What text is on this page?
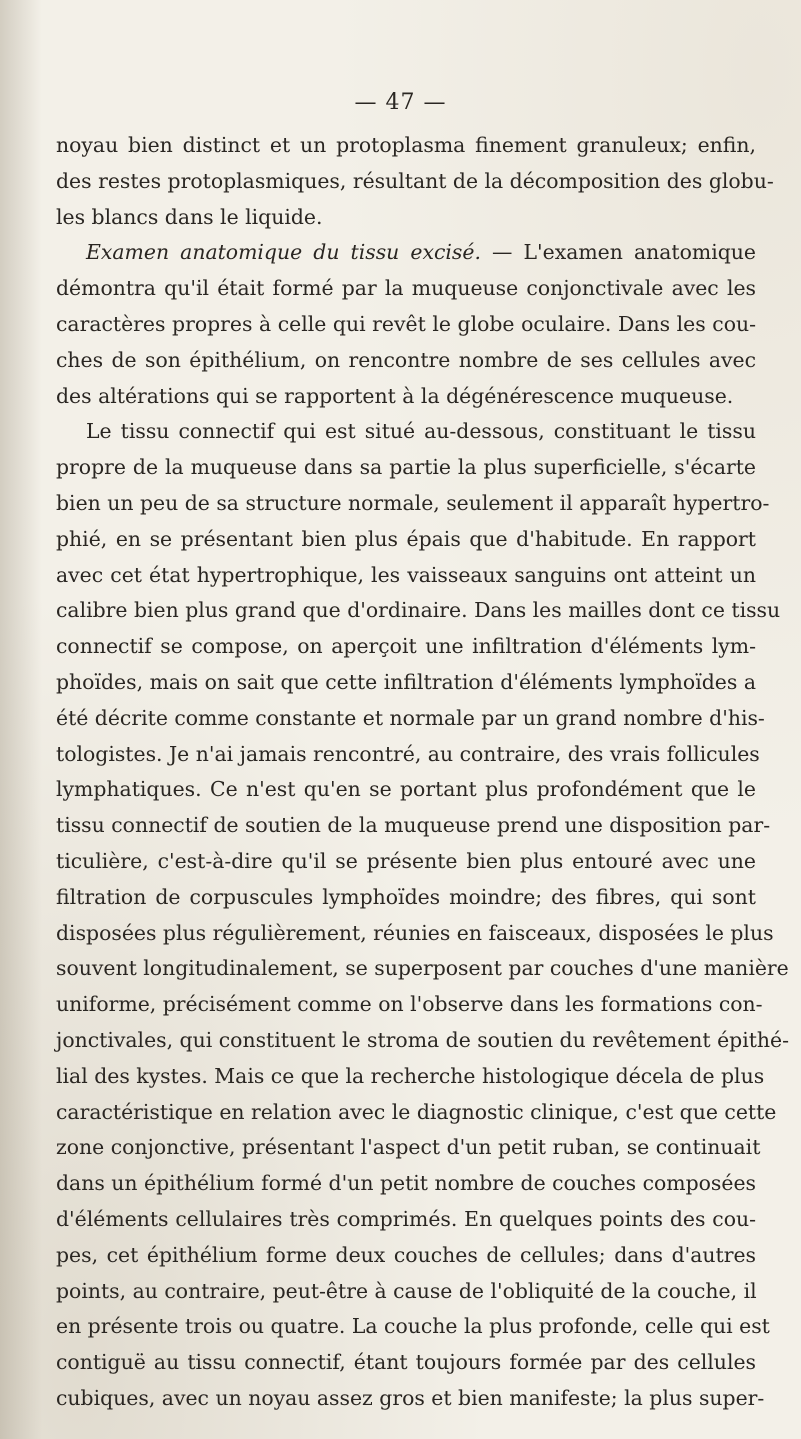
— 47 —
noyau bien distinct et un protoplasma finement granuleux; enfin,
des restes protoplasmiques, résultant de la décomposition des globu-
les blancs dans le liquide.
Examen anatomique du tissu excisé. — L'examen anatomique
démontra qu'il était formé par la muqueuse conjonctivale avec les
caractères propres à celle qui revêt le globe oculaire. Dans les cou-
ches de son épithélium, on rencontre nombre de ses cellules avec
des altérations qui se rapportent à la dégénérescence muqueuse.
Le tissu connectif qui est situé au-dessous, constituant le tissu
propre de la muqueuse dans sa partie la plus superficielle, s'écarte
bien un peu de sa structure normale, seulement il apparaît hypertro-
phié, en se présentant bien plus épais que d'habitude. En rapport
avec cet état hypertrophique, les vaisseaux sanguins ont atteint un
calibre bien plus grand que d'ordinaire. Dans les mailles dont ce tissu
connectif se compose, on aperçoit une infiltration d'éléments lym-
phoïdes, mais on sait que cette infiltration d'éléments lymphoïdes a
été décrite comme constante et normale par un grand nombre d'his-
tologistes. Je n'ai jamais rencontré, au contraire, des vrais follicules
lymphatiques. Ce n'est qu'en se portant plus profondément que le
tissu connectif de soutien de la muqueuse prend une disposition par-
ticulière, c'est-à-dire qu'il se présente bien plus entouré avec une
filtration de corpuscules lymphoïdes moindre; des fibres, qui sont
disposées plus régulièrement, réunies en faisceaux, disposées le plus
souvent longitudinalement, se superposent par couches d'une manière
uniforme, précisément comme on l'observe dans les formations con-
jonctivales, qui constituent le stroma de soutien du revêtement épithé-
lial des kystes. Mais ce que la recherche histologique décela de plus
caractéristique en relation avec le diagnostic clinique, c'est que cette
zone conjonctive, présentant l'aspect d'un petit ruban, se continuait
dans un épithélium formé d'un petit nombre de couches composées
d'éléments cellulaires très comprimés. En quelques points des cou-
pes, cet épithélium forme deux couches de cellules; dans d'autres
points, au contraire, peut-être à cause de l'obliquité de la couche, il
en présente trois ou quatre. La couche la plus profonde, celle qui est
contiguë au tissu connectif, étant toujours formée par des cellules
cubiques, avec un noyau assez gros et bien manifeste; la plus super-
